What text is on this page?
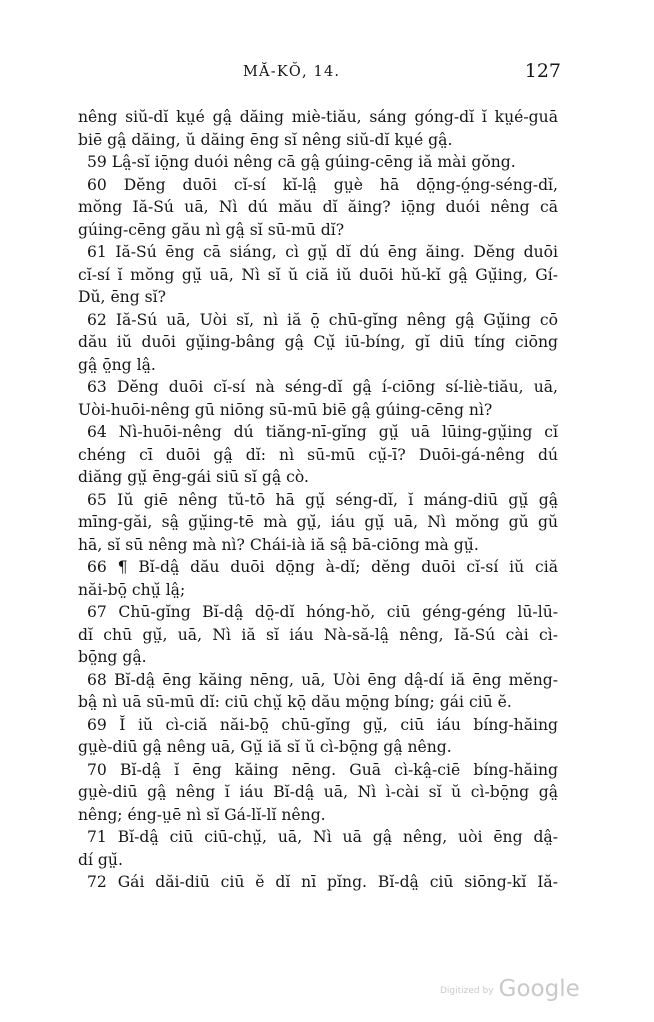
MĂ-KŎ, 14.	127
nêng siŭ-dĭ kṳé gâ̤ dăing miè-tiău, sáng góng-dĭ ĭ kṳé-guā
biē gâ̤ dăing, ŭ dăing ēng sĭ nêng siŭ-dĭ kṳé gâ̤.
59 Lâ̤-sĭ iō̤ng duói nêng cā gâ̤ gúing-cēng iă mài gŏng.
60 Dĕng duōi cĭ-sí kĭ-lâ̤ gṳè hā dō̤ng-ó̤ng-séng-dĭ,
mŏng Iă-Sú uā, Nì dú mău dĭ ăing? iō̤ng duói nêng cā
gúing-cēng gău nì gâ̤ sĭ sū-mū dĭ?
61 Iă-Sú ēng cā siáng, cì gṳ̆ dĭ dú ēng ăing. Dĕng duōi
cĭ-sí ĭ mŏng gṳ̆ uā, Nì sĭ ŭ ciă iŭ duōi hŭ-kĭ gâ̤ Gṳ̆ing, Gí-
Dŭ, ēng sĭ?
62 Iă-Sú uā, Uòi sĭ, nì iă ō̤ chū-gĭng nêng gâ̤ Gṳ̆ing cō
dău iŭ duōi gṳ̆ing-bâng gâ̤ Cṳ̆ iū-bíng, gĭ diū tíng ciōng
gâ̤ ō̤ng lâ̤.
63 Dĕng duōi cĭ-sí nà séng-dĭ gâ̤ í-ciōng sí-liè-tiău, uā,
Uòi-huōi-nêng gū niōng sū-mū biē gâ̤ gúing-cēng nì?
64 Nì-huōi-nêng dú tiăng-nī-gĭng gṳ̆ uā lūing-gṳ̆ing cĭ
chéng cī duōi gâ̤ dĭ: nì sū-mū cṳ̆-ī? Duōi-gá-nêng dú
diăng gṳ̆ ēng-gái siū sĭ gâ̤ cò.
65 Iŭ giē nêng tŭ-tō hā gṳ̆ séng-dĭ, ĭ máng-diū gṳ̆ gâ̤
mīng-găi, sâ̤ gṳ̆ing-tē mà gṳ̆, iáu gṳ̆ uā, Nì mŏng gŭ gŭ
hā, sĭ sū nêng mà nì? Chái-ià iă sâ̤ bā-ciōng mà gṳ̆.
66 ¶ Bĭ-dâ̤ dău duōi dō̤ng à-dĭ; dĕng duōi cĭ-sí iŭ ciă
năi-bō̤ chṳ̆ lâ̤;
67 Chū-gĭng Bĭ-dâ̤ dō̤-dĭ hóng-hŏ, ciū géng-géng lū-lū-
dĭ chū gṳ̆, uā, Nì iă sĭ iáu Nà-să-lâ̤ nêng, Iă-Sú cài cì-
bō̤ng gâ̤.
68 Bĭ-dâ̤ ēng kăing nēng, uā, Uòi ēng dâ̤-dí iă ēng mĕng-
bâ̤ nì uā sū-mū dĭ: ciū chṳ̆ kō̤ dău mō̤ng bíng; gái ciū ĕ.
69 Ĭ iŭ cì-ciă năi-bō̤ chū-gĭng gṳ̆, ciū iáu bíng-hăing
gṳè-diū gâ̤ nêng uā, Gṳ̆ iă sĭ ŭ cì-bō̤ng gâ̤ nêng.
70 Bĭ-dâ̤ ĭ ēng kăing nēng. Guā cì-kâ̤-ciē bíng-hăing
gṳè-diū gâ̤ nêng ĭ iáu Bĭ-dâ̤ uā, Nì ì-cài sĭ ŭ cì-bō̤ng gâ̤
nêng; éng-ṳē nì sĭ Gá-lĭ-lĭ nêng.
71 Bĭ-dâ̤ ciū ciū-chṳ̆, uā, Nì uā gâ̤ nêng, uòi ēng dâ̤-
dí gṳ̆.
72 Gái dăi-diū ciū ĕ dĭ nī pĭng. Bĭ-dâ̤ ciū siōng-kĭ Iă-
Digitized by Google
